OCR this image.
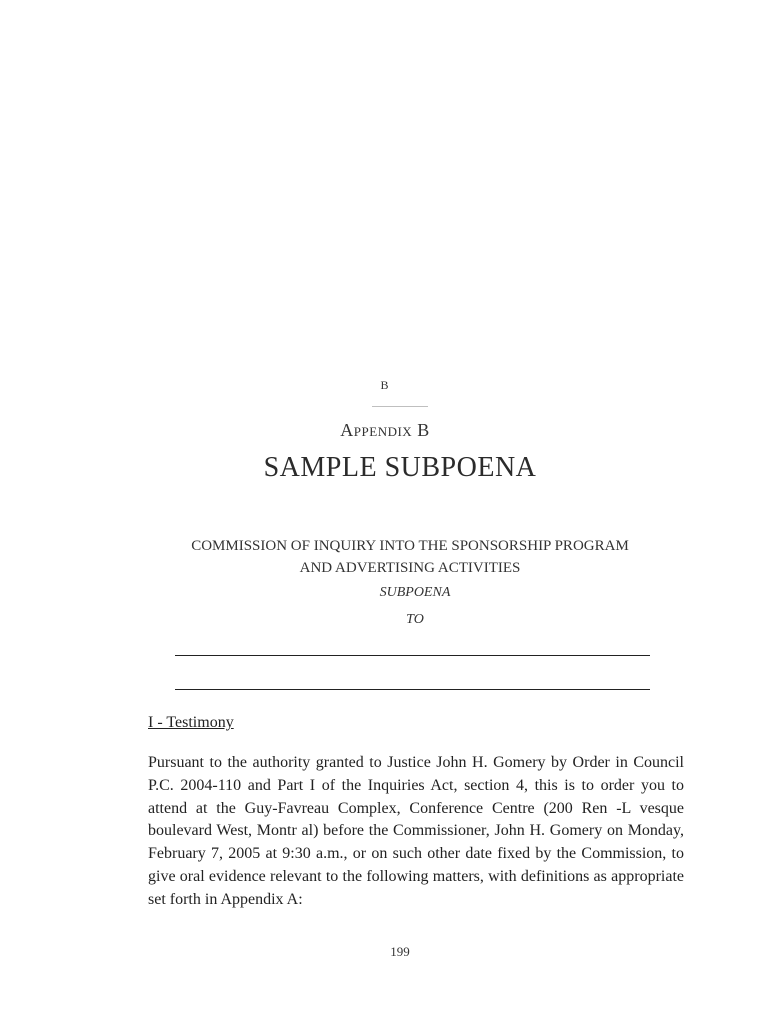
B
Appendix B
SAMPLE SUBPOENA
COMMISSION OF INQUIRY INTO THE SPONSORSHIP PROGRAM
AND ADVERTISING ACTIVITIES
SUBPOENA
TO
I - Testimony
Pursuant to the authority granted to Justice John H. Gomery by Order in Council P.C. 2004-110 and Part I of the Inquiries Act, section 4, this is to order you to attend at the Guy-Favreau Complex, Conference Centre (200 Ren -L vesque boulevard West, Montr al) before the Commissioner, John H. Gomery on Monday, February 7, 2005 at 9:30 a.m., or on such other date fixed by the Commission, to give oral evidence relevant to the following matters, with definitions as appropriate set forth in Appendix A:
199
